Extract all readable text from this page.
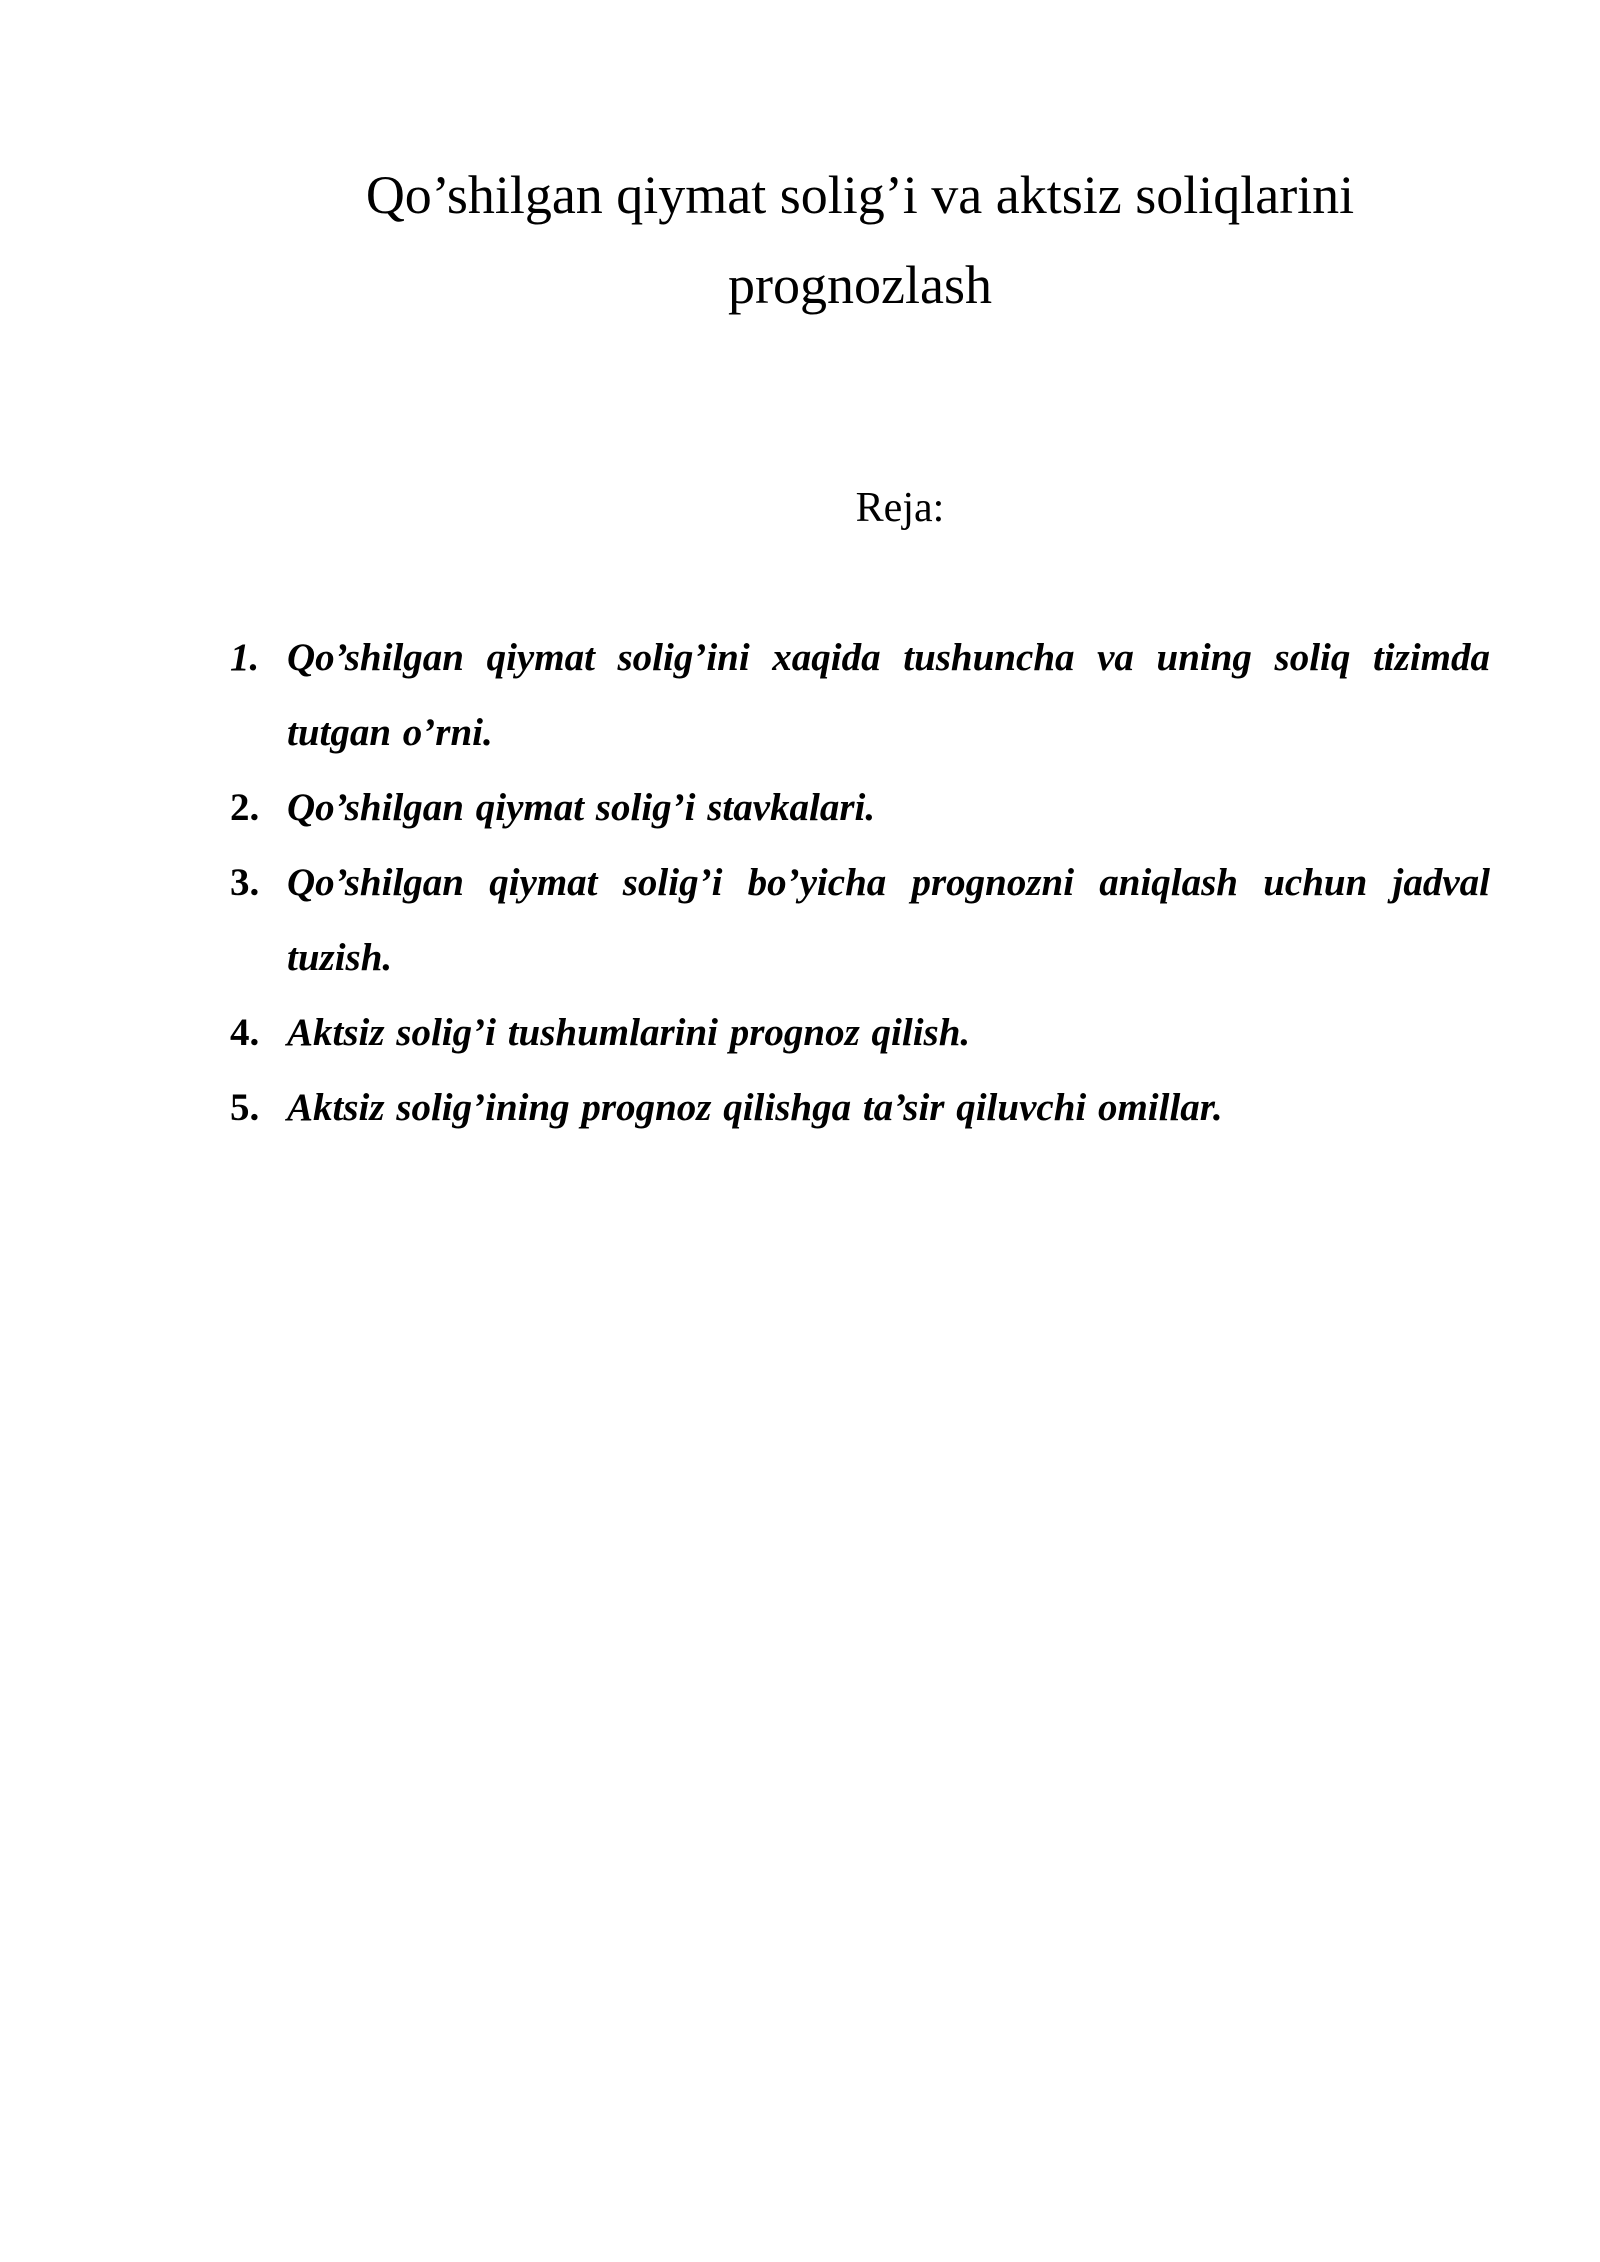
Qo’shilgan qiymat solig’i va aktsiz soliqlarini prognozlash

Reja:

1. Qo’shilgan qiymat solig’ini xaqida tushuncha va uning soliq tizimda tutgan o’rni.
2. Qo’shilgan qiymat solig’i stavkalari.
3. Qo’shilgan qiymat solig’i bo’yicha prognozni aniqlash uchun jadval tuzish.
4. Aktsiz solig’i tushumlarini prognoz qilish.
5. Aktsiz solig’ining prognoz qilishga ta’sir qiluvchi omillar.
